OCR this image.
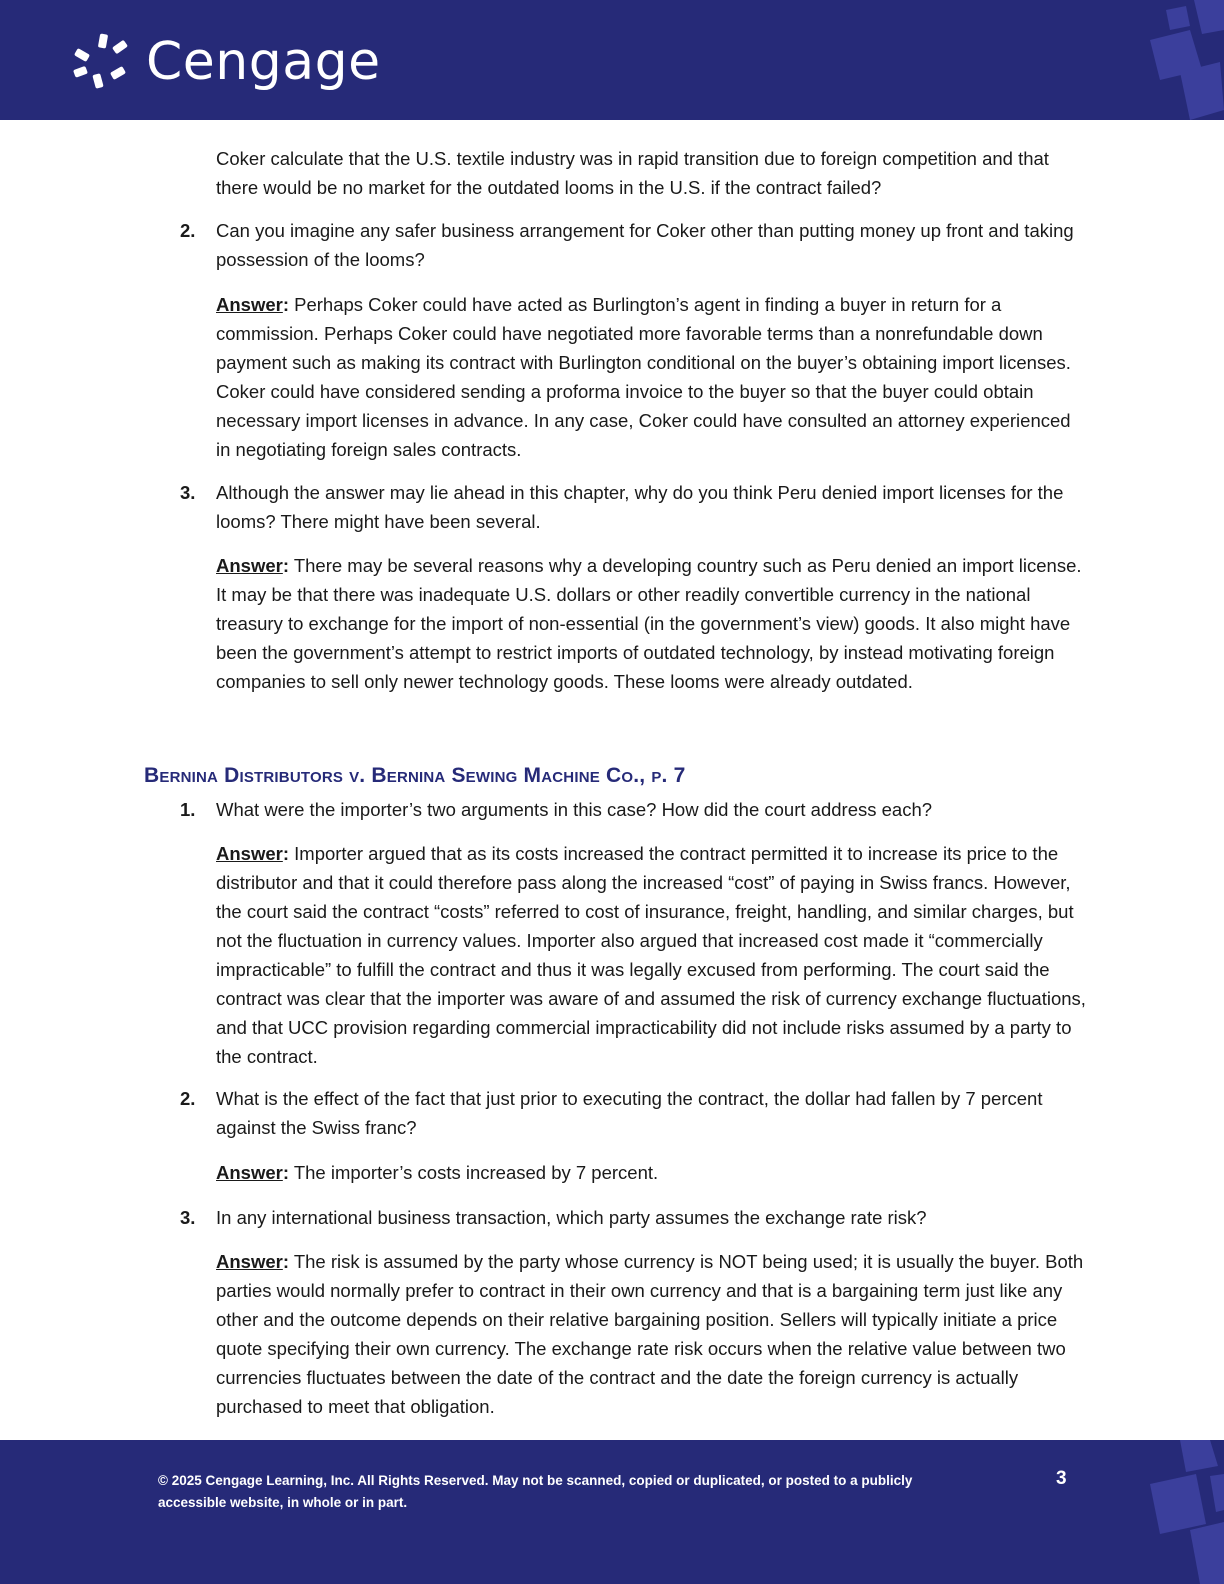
Cengage
Coker calculate that the U.S. textile industry was in rapid transition due to foreign competition and that there would be no market for the outdated looms in the U.S. if the contract failed?
2. Can you imagine any safer business arrangement for Coker other than putting money up front and taking possession of the looms?
Answer: Perhaps Coker could have acted as Burlington’s agent in finding a buyer in return for a commission. Perhaps Coker could have negotiated more favorable terms than a nonrefundable down payment such as making its contract with Burlington conditional on the buyer’s obtaining import licenses. Coker could have considered sending a proforma invoice to the buyer so that the buyer could obtain necessary import licenses in advance. In any case, Coker could have consulted an attorney experienced in negotiating foreign sales contracts.
3. Although the answer may lie ahead in this chapter, why do you think Peru denied import licenses for the looms? There might have been several.
Answer: There may be several reasons why a developing country such as Peru denied an import license. It may be that there was inadequate U.S. dollars or other readily convertible currency in the national treasury to exchange for the import of non-essential (in the government’s view) goods. It also might have been the government’s attempt to restrict imports of outdated technology, by instead motivating foreign companies to sell only newer technology goods. These looms were already outdated.
Bernina Distributors v. Bernina Sewing Machine Co., p. 7
1. What were the importer’s two arguments in this case? How did the court address each?
Answer: Importer argued that as its costs increased the contract permitted it to increase its price to the distributor and that it could therefore pass along the increased “cost” of paying in Swiss francs. However, the court said the contract “costs” referred to cost of insurance, freight, handling, and similar charges, but not the fluctuation in currency values. Importer also argued that increased cost made it “commercially impracticable” to fulfill the contract and thus it was legally excused from performing. The court said the contract was clear that the importer was aware of and assumed the risk of currency exchange fluctuations, and that UCC provision regarding commercial impracticability did not include risks assumed by a party to the contract.
2. What is the effect of the fact that just prior to executing the contract, the dollar had fallen by 7 percent against the Swiss franc?
Answer: The importer’s costs increased by 7 percent.
3. In any international business transaction, which party assumes the exchange rate risk?
Answer: The risk is assumed by the party whose currency is NOT being used; it is usually the buyer. Both parties would normally prefer to contract in their own currency and that is a bargaining term just like any other and the outcome depends on their relative bargaining position. Sellers will typically initiate a price quote specifying their own currency. The exchange rate risk occurs when the relative value between two currencies fluctuates between the date of the contract and the date the foreign currency is actually purchased to meet that obligation.
© 2025 Cengage Learning, Inc. All Rights Reserved. May not be scanned, copied or duplicated, or posted to a publicly accessible website, in whole or in part.
3
